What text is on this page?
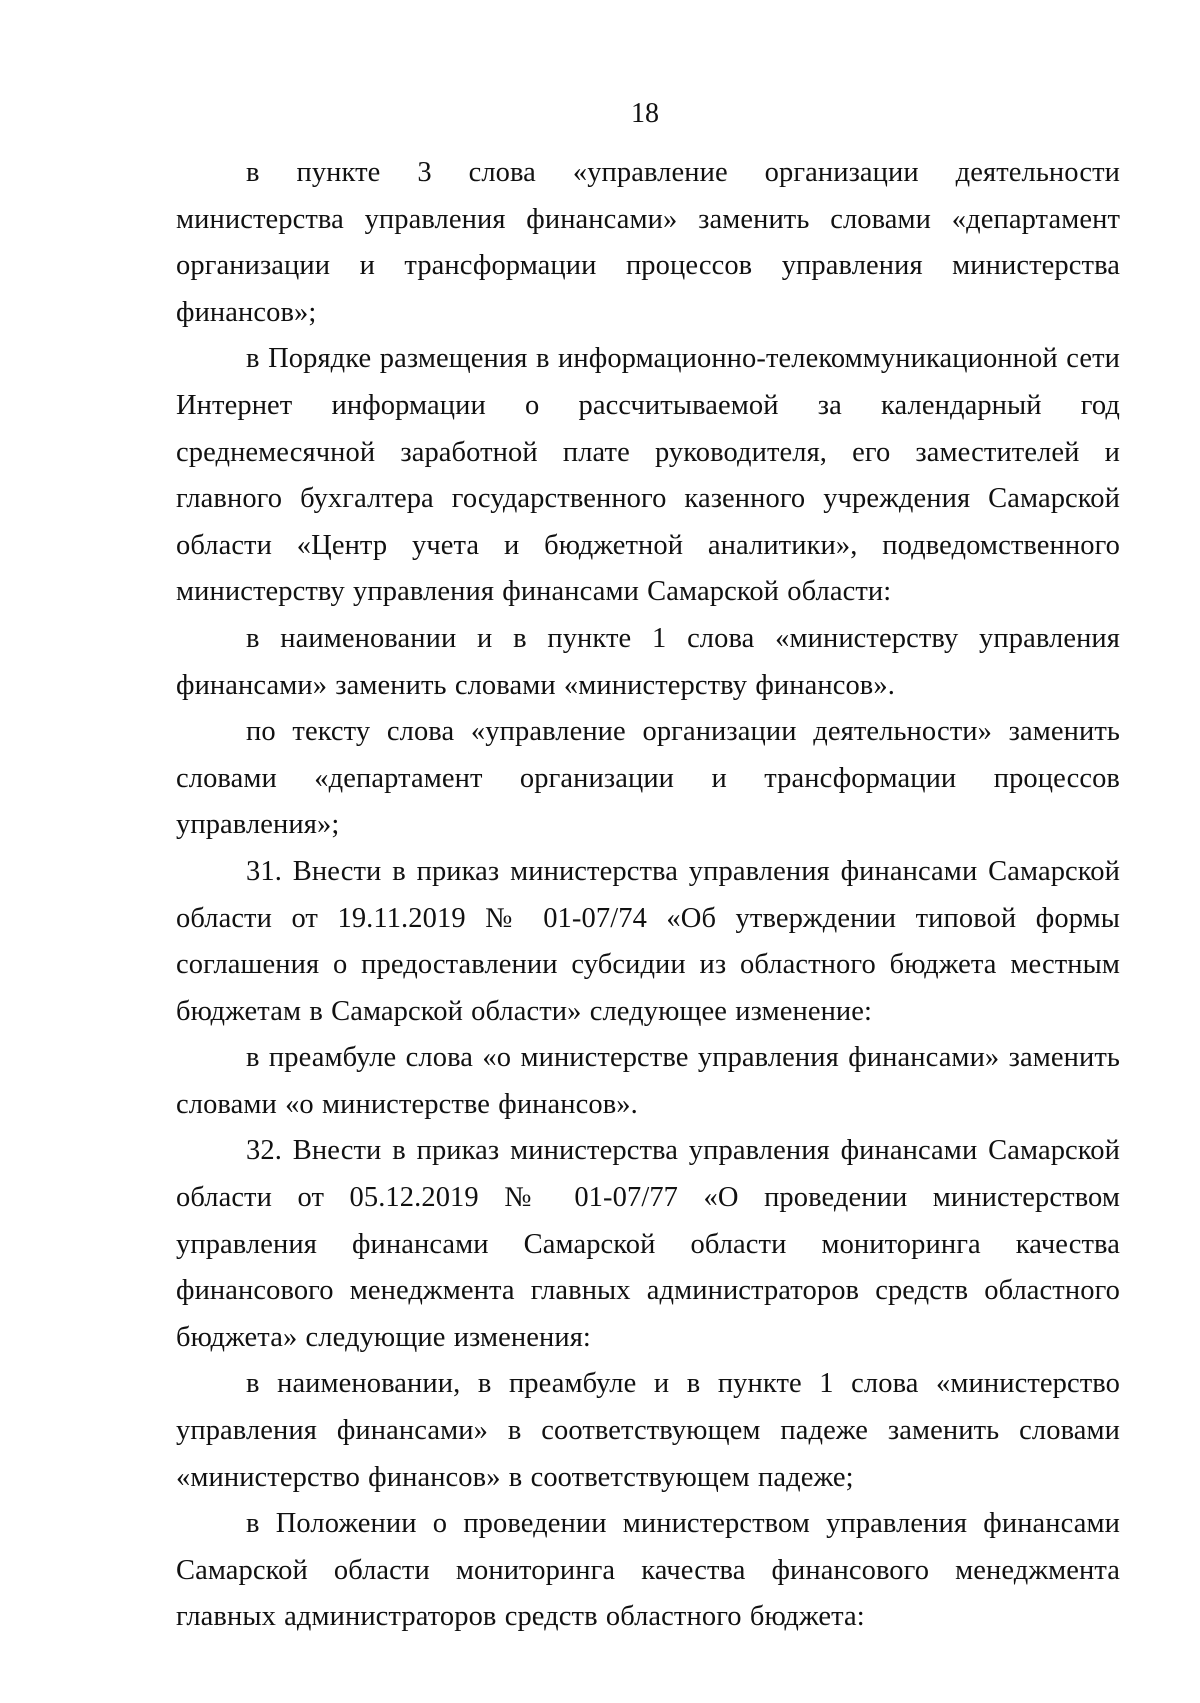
18

в пункте 3 слова «управление организации деятельности министерства управления финансами» заменить словами «департамент организации и трансформации процессов управления министерства финансов»;

в Порядке размещения в информационно-телекоммуникационной сети Интернет информации о рассчитываемой за календарный год среднемесячной заработной плате руководителя, его заместителей и главного бухгалтера государственного казенного учреждения Самарской области «Центр учета и бюджетной аналитики», подведомственного министерству управления финансами Самарской области:

в наименовании и в пункте 1 слова «министерству управления финансами» заменить словами «министерству финансов».

по тексту слова «управление организации деятельности» заменить словами «департамент организации и трансформации процессов управления»;

31. Внести в приказ министерства управления финансами Самарской области от 19.11.2019 № 01-07/74 «Об утверждении типовой формы соглашения о предоставлении субсидии из областного бюджета местным бюджетам в Самарской области» следующее изменение:

в преамбуле слова «о министерстве управления финансами» заменить словами «о министерстве финансов».

32. Внести в приказ министерства управления финансами Самарской области от 05.12.2019 № 01-07/77 «О проведении министерством управления финансами Самарской области мониторинга качества финансового менеджмента главных администраторов средств областного бюджета» следующие изменения:

в наименовании, в преамбуле и в пункте 1 слова «министерство управления финансами» в соответствующем падеже заменить словами «министерство финансов» в соответствующем падеже;

в Положении о проведении министерством управления финансами Самарской области мониторинга качества финансового менеджмента главных администраторов средств областного бюджета:
